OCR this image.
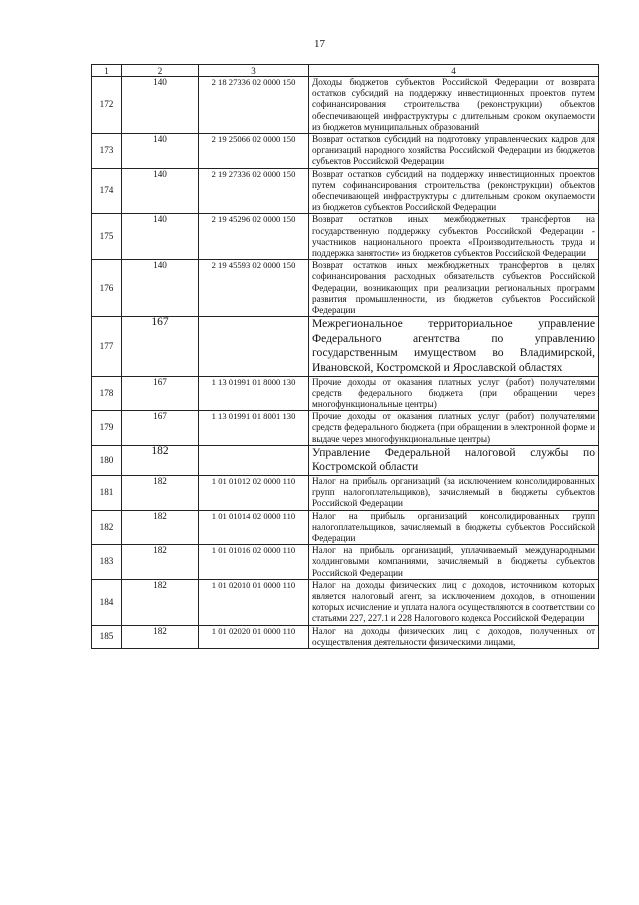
17
1	2	3	4
172	140	2 18 27336 02 0000 150	Доходы бюджетов субъектов Российской Федерации от возврата остатков субсидий на поддержку инвестиционных проектов путем софинансирования строительства (реконструкции) объектов обеспечивающей инфраструктуры с длительным сроком окупаемости из бюджетов муниципальных образований
173	140	2 19 25066 02 0000 150	Возврат остатков субсидий на подготовку управленческих кадров для организаций народного хозяйства Российской Федерации из бюджетов субъектов Российской Федерации
174	140	2 19 27336 02 0000 150	Возврат остатков субсидий на поддержку инвестиционных проектов путем софинансирования строительства (реконструкции) объектов обеспечивающей инфраструктуры с длительным сроком окупаемости из бюджетов субъектов Российской Федерации
175	140	2 19 45296 02 0000 150	Возврат остатков иных межбюджетных трансфертов на государственную поддержку субъектов Российской Федерации - участников национального проекта «Производительность труда и поддержка занятости» из бюджетов субъектов Российской Федерации
176	140	2 19 45593 02 0000 150	Возврат остатков иных межбюджетных трансфертов в целях софинансирования расходных обязательств субъектов Российской Федерации, возникающих при реализации региональных программ развития промышленности, из бюджетов субъектов Российской Федерации
177	167		Межрегиональное территориальное управление Федерального агентства по управлению государственным имуществом во Владимирской, Ивановской, Костромской и Ярославской областях
178	167	1 13 01991 01 8000 130	Прочие доходы от оказания платных услуг (работ) получателями средств федерального бюджета (при обращении через многофункциональные центры)
179	167	1 13 01991 01 8001 130	Прочие доходы от оказания платных услуг (работ) получателями средств федерального бюджета (при обращении в электронной форме и выдаче через многофункциональные центры)
180	182		Управление Федеральной налоговой службы по Костромской области
181	182	1 01 01012 02 0000 110	Налог на прибыль организаций (за исключением консолидированных групп налогоплательщиков), зачисляемый в бюджеты субъектов Российской Федерации
182	182	1 01 01014 02 0000 110	Налог на прибыль организаций консолидированных групп налогоплательщиков, зачисляемый в бюджеты субъектов Российской Федерации
183	182	1 01 01016 02 0000 110	Налог на прибыль организаций, уплачиваемый международными холдинговыми компаниями, зачисляемый в бюджеты субъектов Российской Федерации
184	182	1 01 02010 01 0000 110	Налог на доходы физических лиц с доходов, источником которых является налоговый агент, за исключением доходов, в отношении которых исчисление и уплата налога осуществляются в соответствии со статьями 227, 227.1 и 228 Налогового кодекса Российской Федерации
185	182	1 01 02020 01 0000 110	Налог на доходы физических лиц с доходов, полученных от осуществления деятельности физическими лицами,
